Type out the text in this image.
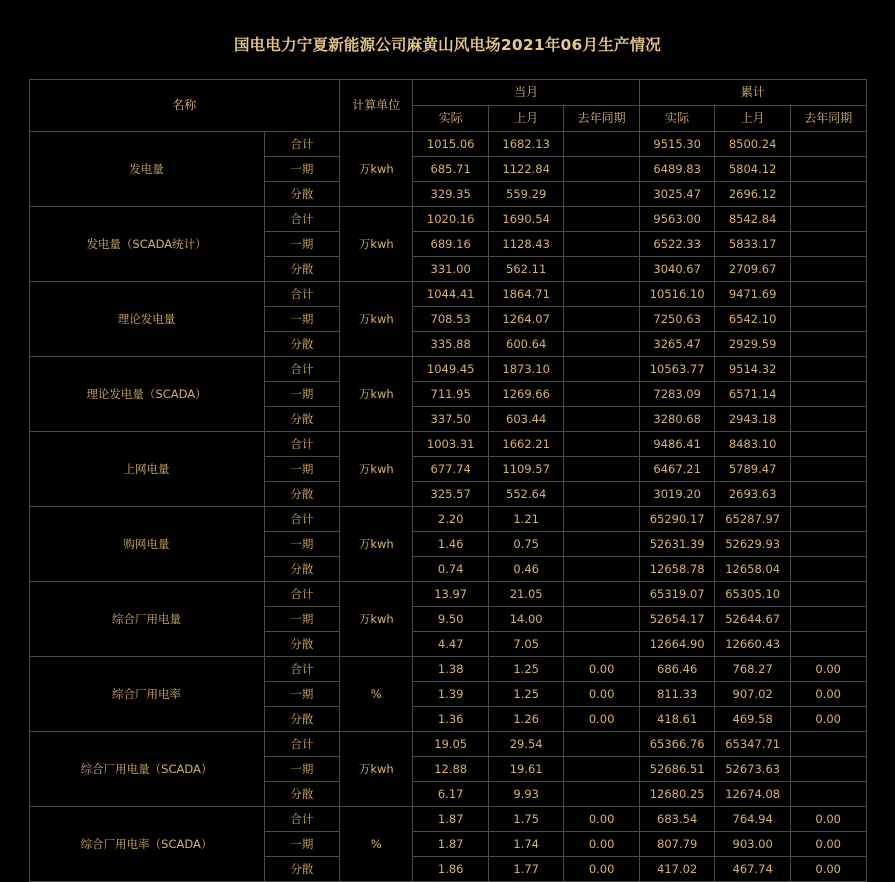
国电电力宁夏新能源公司麻黄山风电场2021年06月生产情况
名称		计算单位	当月			累计		
			实际	上月	去年同期	实际	上月	去年同期
发电量	合计	万kwh	1015.06	1682.13		9515.30	8500.24	
	一期		685.71	1122.84		6489.83	5804.12	
	分散		329.35	559.29		3025.47	2696.12	
发电量（SCADA统计）	合计	万kwh	1020.16	1690.54		9563.00	8542.84	
	一期		689.16	1128.43		6522.33	5833.17	
	分散		331.00	562.11		3040.67	2709.67	
理论发电量	合计	万kwh	1044.41	1864.71		10516.10	9471.69	
	一期		708.53	1264.07		7250.63	6542.10	
	分散		335.88	600.64		3265.47	2929.59	
理论发电量（SCADA）	合计	万kwh	1049.45	1873.10		10563.77	9514.32	
	一期		711.95	1269.66		7283.09	6571.14	
	分散		337.50	603.44		3280.68	2943.18	
上网电量	合计	万kwh	1003.31	1662.21		9486.41	8483.10	
	一期		677.74	1109.57		6467.21	5789.47	
	分散		325.57	552.64		3019.20	2693.63	
购网电量	合计	万kwh	2.20	1.21		65290.17	65287.97	
	一期		1.46	0.75		52631.39	52629.93	
	分散		0.74	0.46		12658.78	12658.04	
综合厂用电量	合计	万kwh	13.97	21.05		65319.07	65305.10	
	一期		9.50	14.00		52654.17	52644.67	
	分散		4.47	7.05		12664.90	12660.43	
综合厂用电率	合计	%	1.38	1.25	0.00	686.46	768.27	0.00
	一期		1.39	1.25	0.00	811.33	907.02	0.00
	分散		1.36	1.26	0.00	418.61	469.58	0.00
综合厂用电量（SCADA）	合计	万kwh	19.05	29.54		65366.76	65347.71	
	一期		12.88	19.61		52686.51	52673.63	
	分散		6.17	9.93		12680.25	12674.08	
综合厂用电率（SCADA）	合计	%	1.87	1.75	0.00	683.54	764.94	0.00
	一期		1.87	1.74	0.00	807.79	903.00	0.00
	分散		1.86	1.77	0.00	417.02	467.74	0.00
